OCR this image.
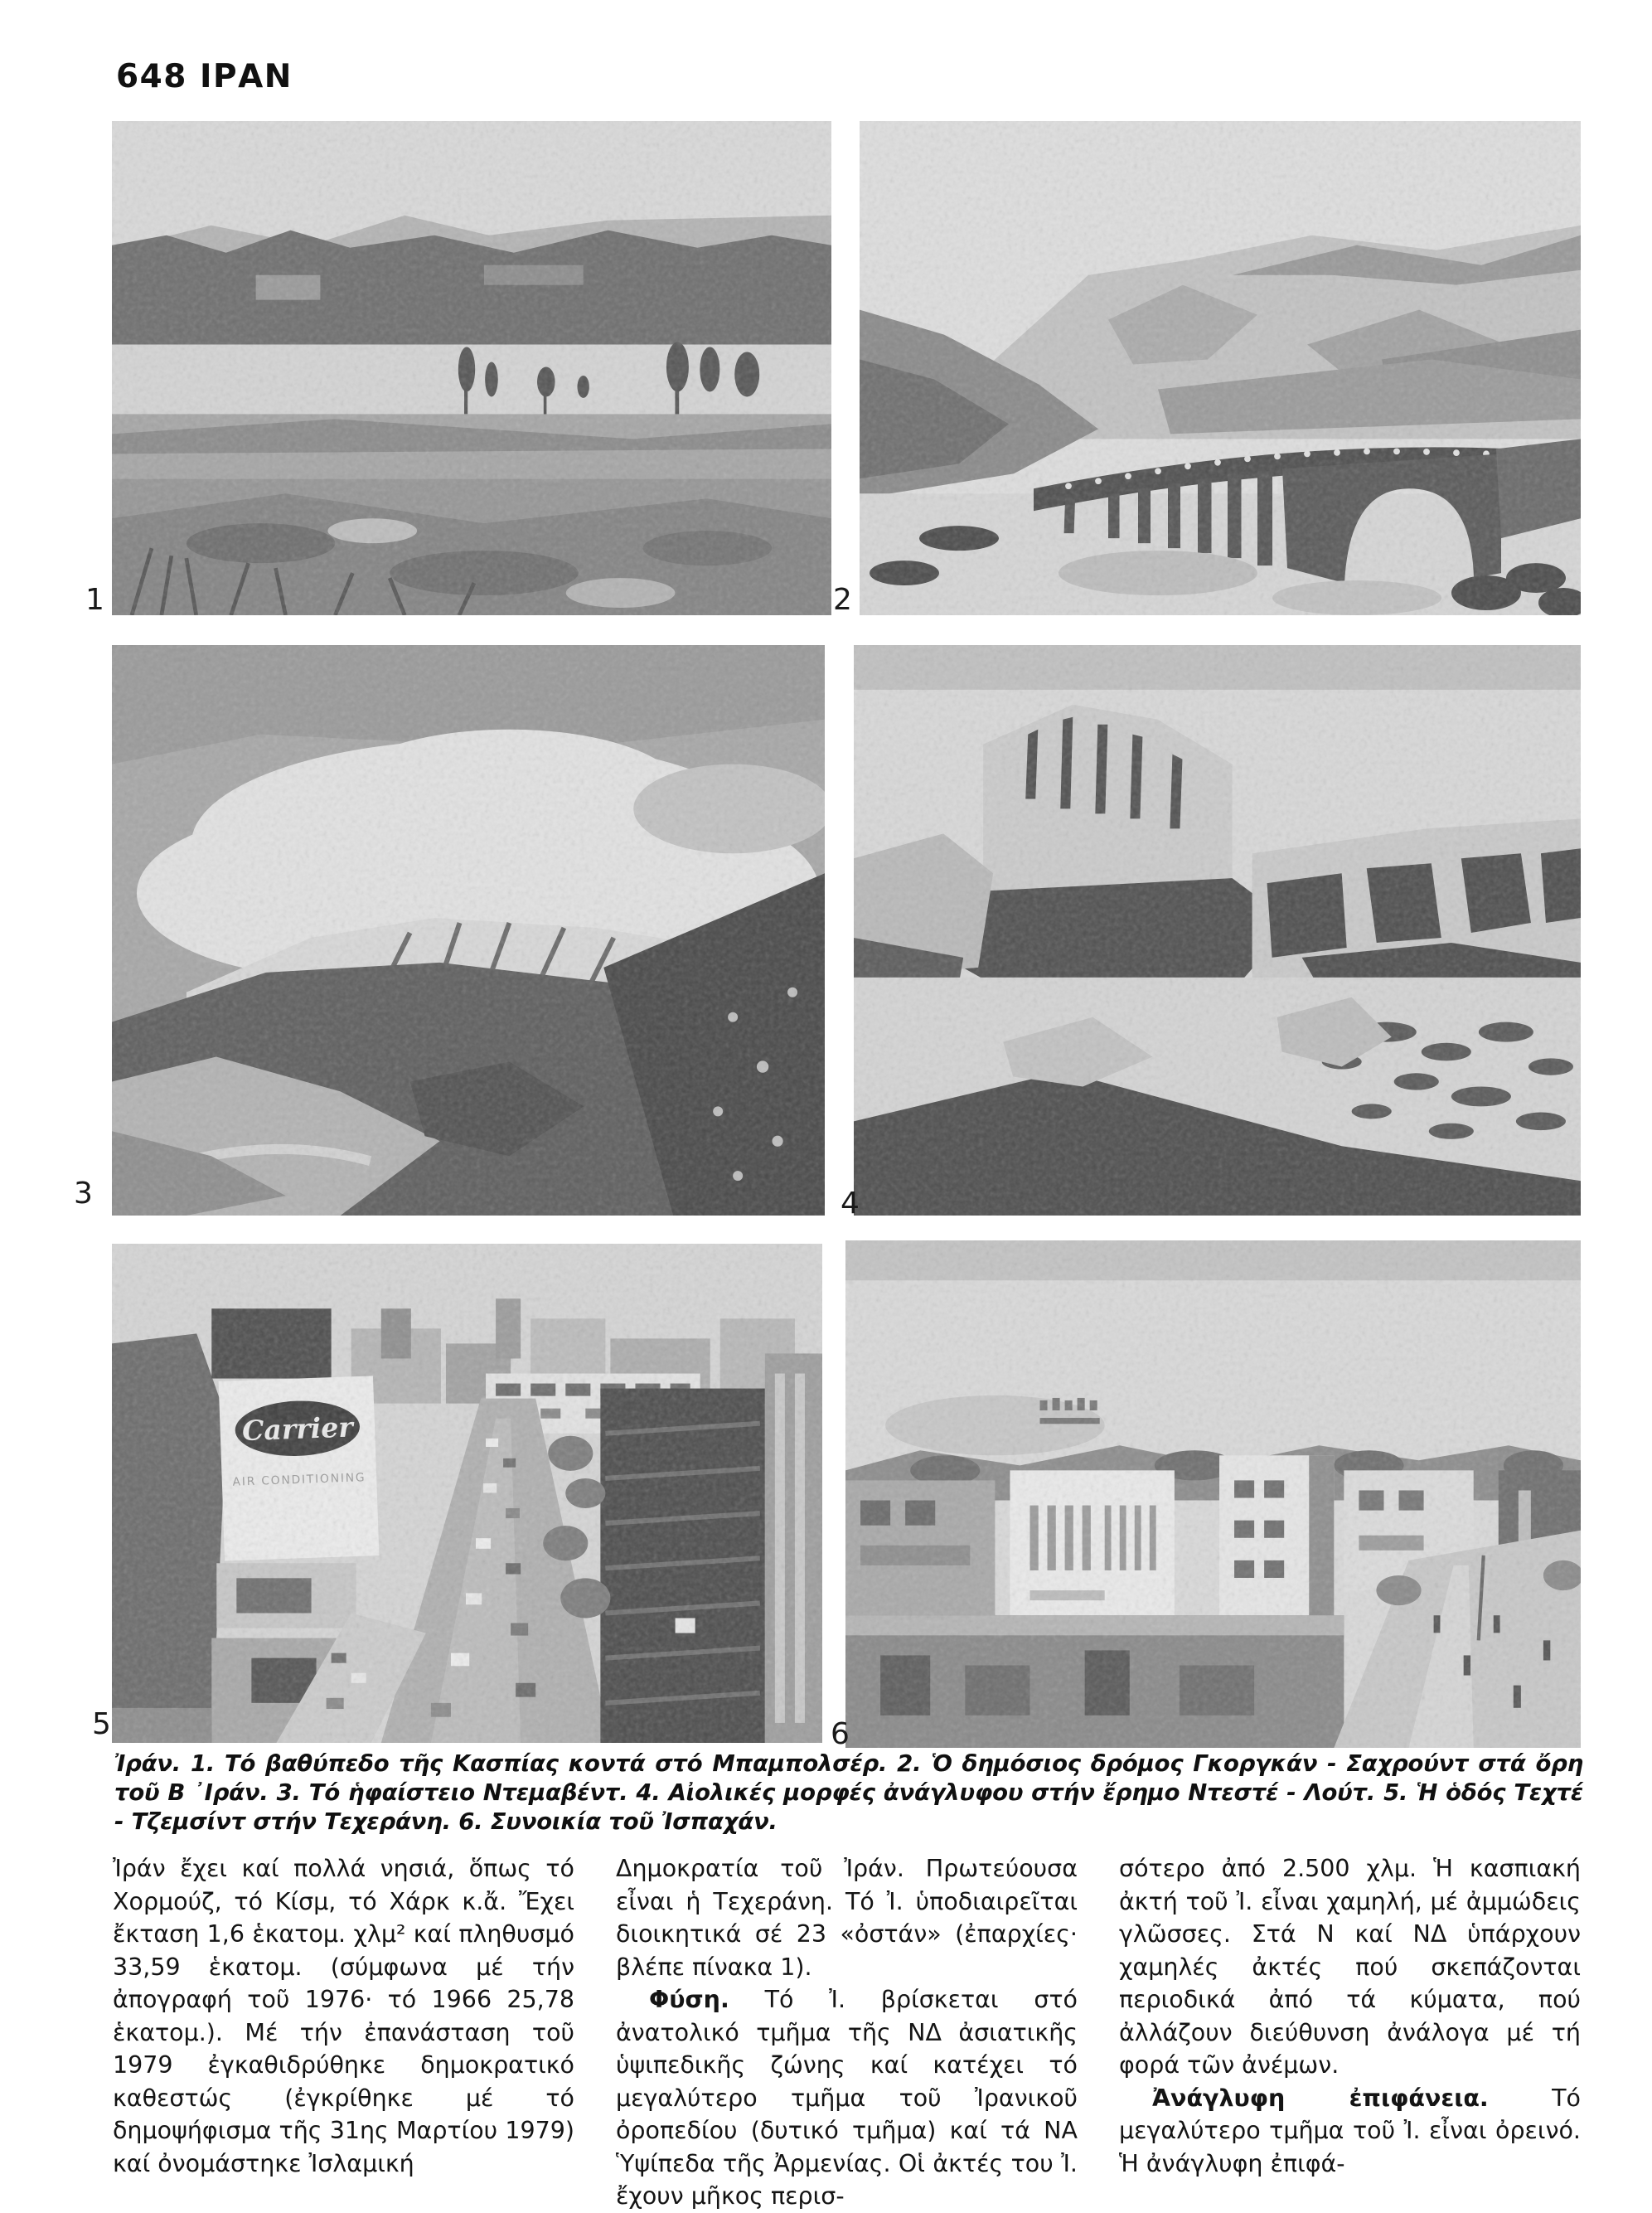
648 ΙΡΑΝ
1	2
3	4
Carrier
AIR CONDITIONING
5	6
Ἰράν. 1. Τό βαθύπεδο τῆς Κασπίας κοντά στό Μπαμπολσέρ. 2. Ὁ δημόσιος δρόμος Γκοργκάν - Σαχρούντ στά ὄρη τοῦ Β ᾿Ιράν. 3. Τό ἡφαίστειο Ντεμαβέντ. 4. Αἰολικές μορφές ἀνάγλυφου στήν ἔρημο Ντεστέ - Λούτ. 5. Ἡ ὁδός Τεχτέ - Τζεμσίντ στήν Τεχεράνη. 6. Συνοικία τοῦ Ἰσπαχάν.

Ἰράν ἔχει καί πολλά νησιά, ὅπως τό Χορμούζ, τό Κίσμ, τό Χάρκ κ.ἄ. Ἔχει ἔκταση 1,6 ἑκατομ. χλμ² καί πληθυσμό 33,59 ἑκατομ. (σύμφωνα μέ τήν ἀπογραφή τοῦ 1976· τό 1966 25,78 ἑκατομ.). Μέ τήν ἐπανάσταση τοῦ 1979 ἐγκαθιδρύθηκε δημοκρατικό καθεστώς (ἐγκρίθηκε μέ τό δημοψήφισμα τῆς 31ης Μαρτίου 1979) καί ὀνομάστηκε Ἰσλαμική

Δημοκρατία τοῦ Ἰράν. Πρωτεύουσα εἶναι ἡ Τεχεράνη. Τό Ἰ. ὑποδιαιρεῖται διοικητικά σέ 23 «ὀστάν» (ἐπαρχίες· βλέπε πίνακα 1).

Φύση. Τό Ἰ. βρίσκεται στό ἀνατολικό τμῆμα τῆς ΝΔ ἀσιατικῆς ὑψιπεδικῆς ζώνης καί κατέχει τό μεγαλύτερο τμῆμα τοῦ Ἰρανικοῦ ὀροπεδίου (δυτικό τμῆμα) καί τά ΝΑ Ὑψίπεδα τῆς Ἀρμενίας. Οἱ ἀκτές του Ἰ. ἔχουν μῆκος περισ-

σότερο ἀπό 2.500 χλμ. Ἡ κασπιακή ἀκτή τοῦ Ἰ. εἶναι χαμηλή, μέ ἀμμώδεις γλῶσσες. Στά Ν καί ΝΔ ὑπάρχουν χαμηλές ἀκτές πού σκεπάζονται περιοδικά ἀπό τά κύματα, πού ἀλλάζουν διεύθυνση ἀνάλογα μέ τή φορά τῶν ἀνέμων.

Ἀνάγλυφη ἐπιφάνεια.	Τό μεγαλύτερο τμῆμα τοῦ Ἰ. εἶναι ὀρεινό. Ἡ ἀνάγλυφη ἐπιφά-
